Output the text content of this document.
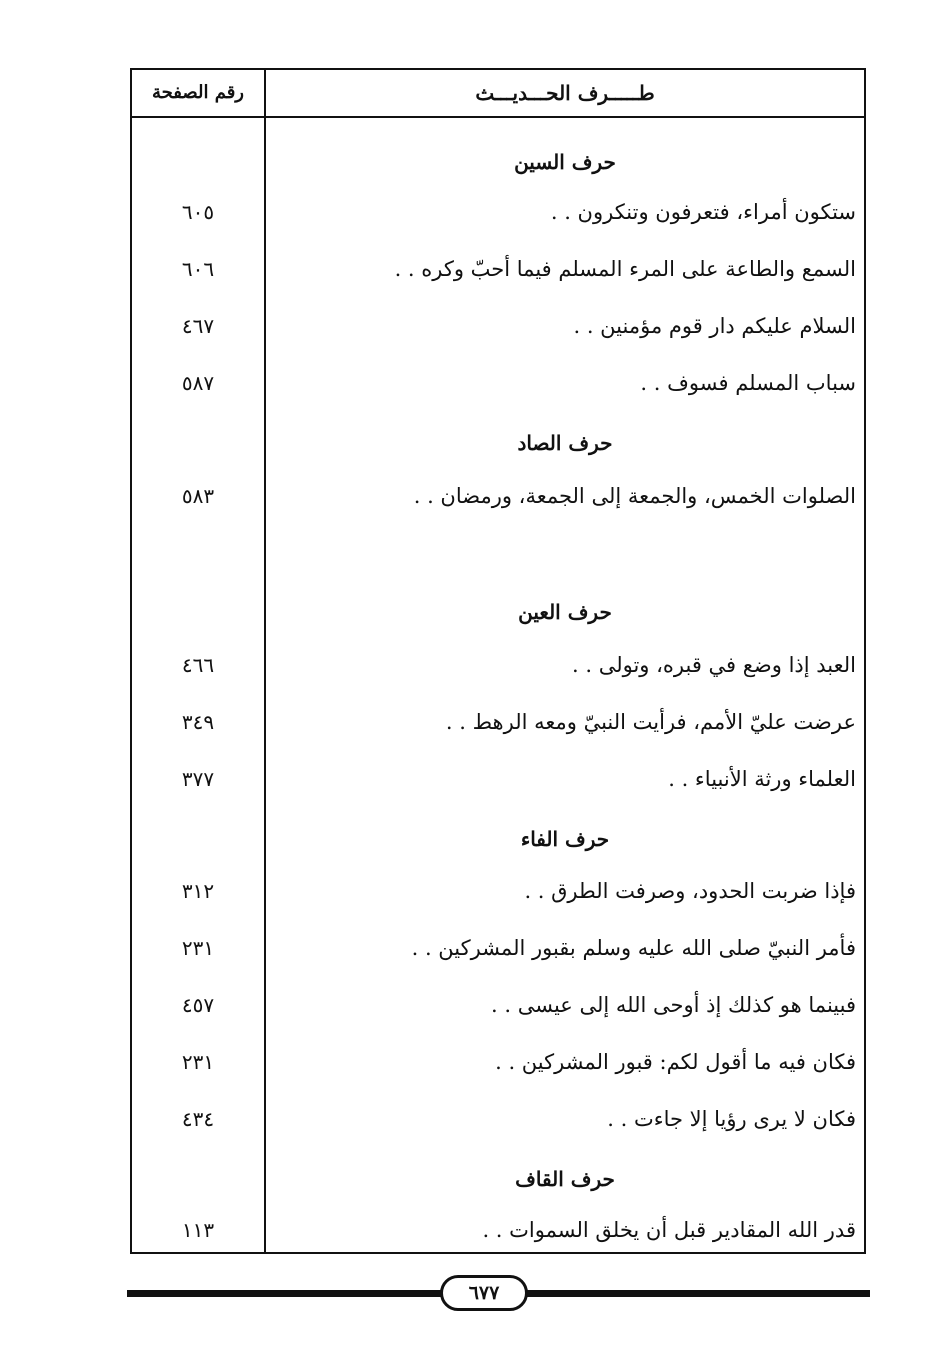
طـــــرف الحـــديـــث
رقم الصفحة
حرف السين
ستكون أمراء، فتعرفون وتنكرون . .
٦٠٥
السمع والطاعة على المرء المسلم فيما أحبّ وكره . .
٦٠٦
السلام عليكم دار قوم مؤمنين . .
٤٦٧
سباب المسلم فسوف . .
٥٨٧
حرف الصاد
الصلوات الخمس، والجمعة إلى الجمعة، ورمضان . .
٥٨٣
حرف العين
العبد إذا وضع في قبره، وتولى . .
٤٦٦
عرضت عليّ الأمم، فرأيت النبيّ ومعه الرهط . .
٣٤٩
العلماء ورثة الأنبياء . .
٣٧٧
حرف الفاء
فإذا ضربت الحدود، وصرفت الطرق . .
٣١٢
فأمر النبيّ صلى الله عليه وسلم بقبور المشركين . .
٢٣١
فبينما هو كذلك إذ أوحى الله إلى عيسى . .
٤٥٧
فكان فيه ما أقول لكم: قبور المشركين . .
٢٣١
فكان لا يرى رؤيا إلا جاءت . .
٤٣٤
حرف القاف
قدر الله المقادير قبل أن يخلق السموات . .
١١٣
٦٧٧
